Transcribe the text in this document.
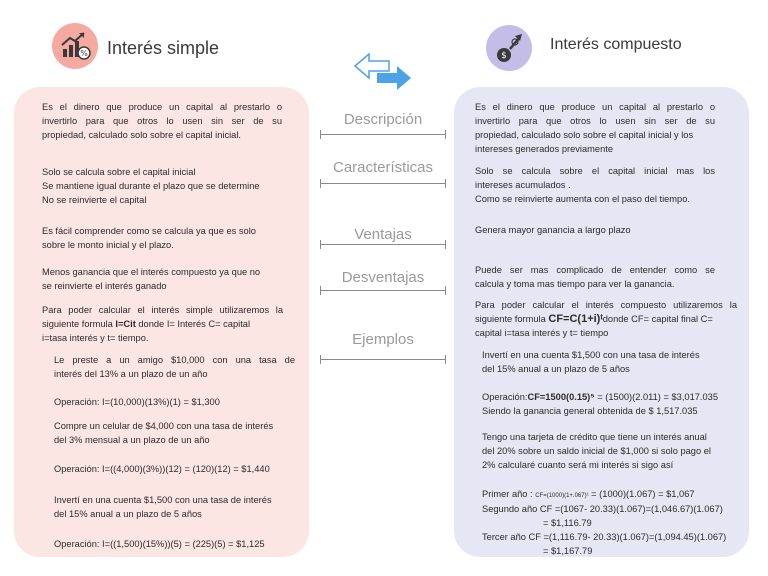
% Interés simple	$
Interés compuesto
Descripción
Características
Ventajas
Desventajas
Ejemplos
Es el dinero que produce un capital al prestarlo o
invertirlo para que otros lo usen sin ser de su
propiedad, calculado solo sobre el capital inicial.
Solo se calcula sobre el capital inicial
Se mantiene igual durante el plazo que se determine
No se reinvierte el capital
Es fácil comprender como se calcula ya que es solo
sobre le monto inicial y el plazo.
Menos ganancia que el interés compuesto ya que no
se reinvierte el interés ganado
Para poder calcular el interés simple utilizaremos la
siguiente formula I=Cit donde I= Interés C= capital
i=tasa interés y t= tiempo.
Le preste a un amigo $10,000 con una tasa de
interés del 13% a un plazo de un año
Operación: I=(10,000)(13%)(1) = $1,300
Compre un celular de $4,000 con una tasa de interés
del 3% mensual a un plazo de un año
Operación: I=((4,000)(3%))(12) = (120)(12) = $1,440
Invertí en una cuenta $1,500 con una tasa de interés
del 15% anual a un plazo de 5 años
Operación: I=((1,500)(15%))(5) = (225)(5) = $1,125
Es el dinero que produce un capital al prestarlo o
invertirlo para que otros lo usen sin ser de su
propiedad, calculado solo sobre el capital inicial y los
intereses generados previamente
Solo se calcula sobre el capital inicial mas los
intereses acumulados .
Como se reinvierte aumenta con el paso del tiempo.
Genera mayor ganancia a largo plazo
Puede ser mas complicado de entender como se
calcula y toma mas tiempo para ver la ganancia.
Para poder calcular el interés compuesto utilizaremos la
siguiente formula CF=C(1+i)ᵗdonde CF= capital final C=
capital i=tasa interés y t= tiempo
Invertí en una cuenta $1,500 con una tasa de interés
del 15% anual a un plazo de 5 años
Operación:CF=1500(0.15)⁵ = (1500)(2.011) = $3,017.035
Siendo la ganancia general obtenida de $ 1,517.035
Tengo una tarjeta de crédito que tiene un interés anual
del 20% sobre un saldo inicial de $1,000 si solo pago el
2% calcularé cuanto será mi interés si sigo así
Primer año : CF=(1000)(1+.067)¹ = (1000)(1.067) = $1,067
Segundo año CF =(1067- 20.33)(1.067)=(1,046.67)(1.067)
= $1,116.79
Tercer año CF =(1,116.79- 20.33)(1.067)=(1,094.45)(1.067)
= $1,167.79
